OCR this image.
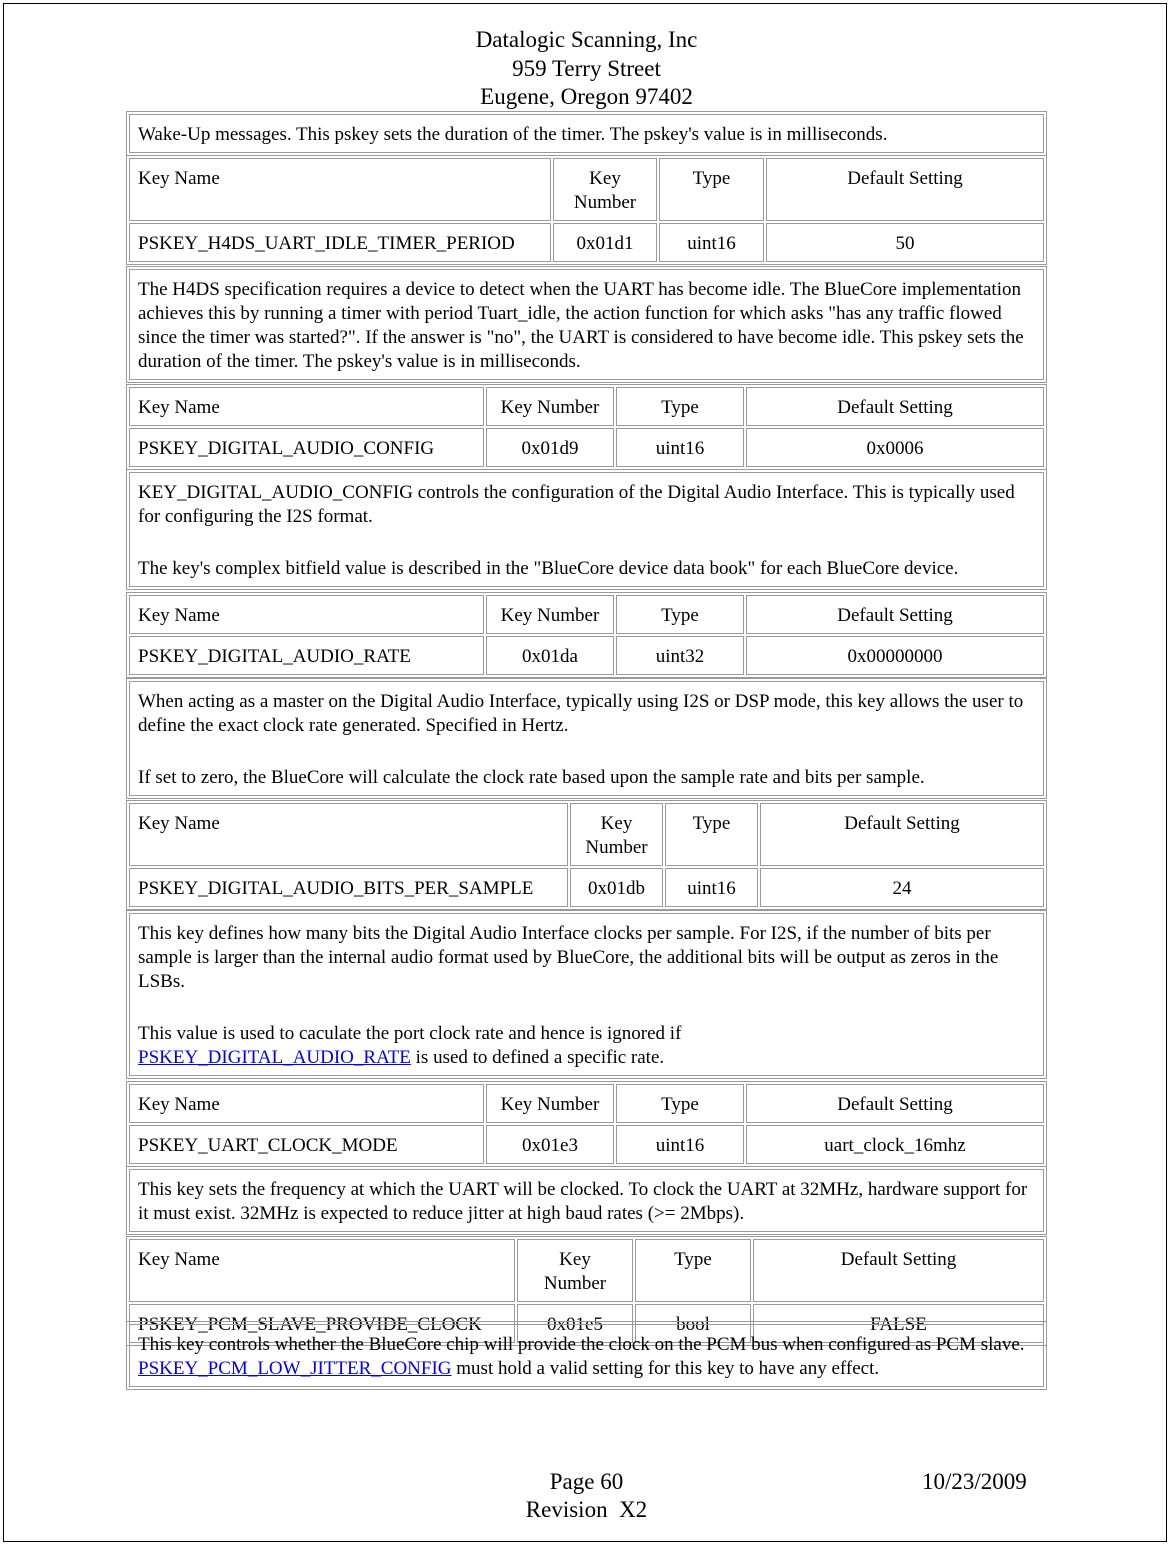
Datalogic Scanning, Inc
959 Terry Street
Eugene, Oregon 97402
Wake-Up messages. This pskey sets the duration of the timer. The pskey's value is in milliseconds.
Key Name	Key Number	Type	Default Setting
PSKEY_H4DS_UART_IDLE_TIMER_PERIOD	0x01d1	uint16	50
The H4DS specification requires a device to detect when the UART has become idle. The BlueCore implementation achieves this by running a timer with period Tuart_idle, the action function for which asks "has any traffic flowed since the timer was started?". If the answer is "no", the UART is considered to have become idle. This pskey sets the duration of the timer. The pskey's value is in milliseconds.
Key Name	Key Number	Type	Default Setting
PSKEY_DIGITAL_AUDIO_CONFIG	0x01d9	uint16	0x0006

KEY_DIGITAL_AUDIO_CONFIG controls the configuration of the Digital Audio Interface. This is typically used for configuring the I2S format.

The key's complex bitfield value is described in the "BlueCore device data book" for each BlueCore device.

Key Name	Key Number	Type	Default Setting
PSKEY_DIGITAL_AUDIO_RATE	0x01da	uint32	0x00000000

When acting as a master on the Digital Audio Interface, typically using I2S or DSP mode, this key allows the user to define the exact clock rate generated. Specified in Hertz.

If set to zero, the BlueCore will calculate the clock rate based upon the sample rate and bits per sample.

Key Name	Key Number	Type	Default Setting
PSKEY_DIGITAL_AUDIO_BITS_PER_SAMPLE	0x01db	uint16	24

This key defines how many bits the Digital Audio Interface clocks per sample. For I2S, if the number of bits per sample is larger than the internal audio format used by BlueCore, the additional bits will be output as zeros in the LSBs.

This value is used to caculate the port clock rate and hence is ignored if
PSKEY_DIGITAL_AUDIO_RATE is used to defined a specific rate.

Key Name	Key Number	Type	Default Setting
PSKEY_UART_CLOCK_MODE	0x01e3	uint16	uart_clock_16mhz
This key sets the frequency at which the UART will be clocked. To clock the UART at 32MHz, hardware support for it must exist. 32MHz is expected to reduce jitter at high baud rates (>= 2Mbps).
Key Name	Key Number	Type	Default Setting
PSKEY_PCM_SLAVE_PROVIDE_CLOCK	0x01e5	bool	FALSE
This key controls whether the BlueCore chip will provide the clock on the PCM bus when configured as PCM slave. PSKEY_PCM_LOW_JITTER_CONFIG must hold a valid setting for this key to have any effect.
Page 60
Revision  X2
10/23/2009
